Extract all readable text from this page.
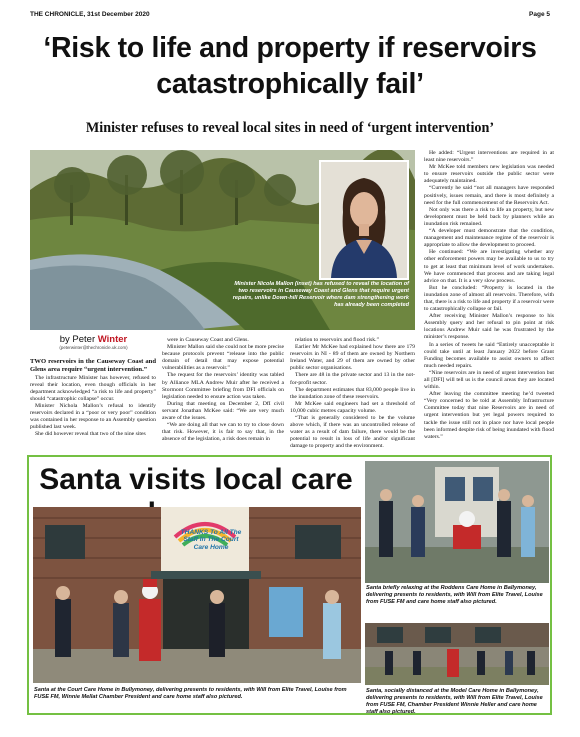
THE CHRONICLE, 31st December 2020	Page 5
‘Risk to life and property if reservoirs catastrophically fail’
Minister refuses to reveal local sites in need of ‘urgent intervention’
Minister Nicola Mallon (inset) has refused to reveal the location of two reservoirs in Causeway Coast and Glens that require urgent repairs, unlike Down-hill Reservoir where dam strengthening work has already been completed
by Peter Winter
(peterwinter@thechronicle.uk.com)

TWO reservoirs in the Causeway Coast and Glens area require “urgent intervention.”

The infrastructure Minister has however, refused to reveal their location, even though officials in her department acknowledged “a risk to life and property” should “catastrophic collapse” occur.

Minister Nichola Mallon’s refusal to identify reservoirs declared in a “poor or very poor” condition was contained in her response to an Assembly question published last week.

She did however reveal that two of the nine sites

were in Causeway Coast and Glens.

Minister Mallon said she could not be more precise because protocols prevent “release into the public domain of detail that may expose potential vulnerabilities as a reservoir.”

The request for the reservoirs’ identity was tabled by Alliance MLA Andrew Muir after he received a Stormont Committee briefing from DFI officials on legislation needed to ensure action was taken.

During that meeting on December 2, DfI civil servant Jonathan McKee said: “We are very much aware of the issues.

“We are doing all that we can to try to close down that risk. However, it is fair to say that, in the absence of the legislation, a risk does remain in

relation to reservoirs and flood risk.”

Earlier Mr McKee had explained how there are 179 reservoirs in NI - 89 of them are owned by Northern Ireland Water, and 29 of them are owned by other public sector organisations.

There are 48 in the private sector and 13 in the not-for-profit sector.

The department estimates that 83,000 people live in the inundation zone of these reservoirs.

Mr McKee said engineers had set a threshold of 10,000 cubic metres capacity volume.

“That is generally considered to be the volume above which, if there was an uncontrolled release of water as a result of dam failure, there would be the potential to result in loss of life and/or significant damage to property and the environment.

He added: “Urgent interventions are required in at least nine reservoirs.”

Mr McKee told members new legislation was needed to ensure reservoirs outside the public sector were adequately maintained.

“Currently he said “not all managers have responded positively, issues remain, and there is most definitely a need for the full commencement of the Reservoirs Act.

Not only was there a risk to life an property, but new development must be held back by planners while an inundation risk remained.

“A developer must demonstrate that the condition, management and maintenance regime of the reservoir is appropriate to allow the development to proceed.

He continued: “We are investigating whether any other enforcement powers may be available to us to try to get at least that minimum level of work undertaken. We have commenced that process and are taking legal advice on that. It is a very slow process.

But he concluded: “Property is located in the inundation zone of almost all reservoirs. Therefore, with that, there is a risk to life and property if a reservoir were to catastrophically collapse or fail.

After receiving Minister Mallon’s response to his Assembly query and her refusal to pin point at risk locations Andrew Muir said he was frustrated by the minister’s response.

In a series of tweets he said “Entirely unacceptable it could take until at least January 2022 before Grant Funding becomes available to assist owners to affect much needed repairs.

“Nine reservoirs are in need of urgent intervention but all [DFI] will tell us is the council areas they are located within.

After leaving the committee meeting he’d tweeted “Very concerned to be told at Assembly Infrastructure Committee today that nine Reservoirs are in need of urgent intervention but yet legal powers required to tackle the issue still not in place nor have local people been informed despite risk of being inundated with flood waters.”

Santa visits local care
THANKS To All The Staff In The Court Care Home
Santa at the Court Care Home in Bullymoney, delivering presents to residents, with Will from Elite Travel, Louise from FUSE FM, Winnie Mellat Chamber President and care home staff also pictured.
Santa briefly relaxing at the Roddens Care Home in Ballymoney, delivering presents to residents, with Will from Elite Travel, Louise from FUSE FM and care home staff also pictured.
Santa, socially distanced at the Model Care Home in Ballymoney, delivering presents to residents, with Will from Elite Travel, Louise from FUSE FM, Chamber President Winnie Heller and care home staff also pictured.
